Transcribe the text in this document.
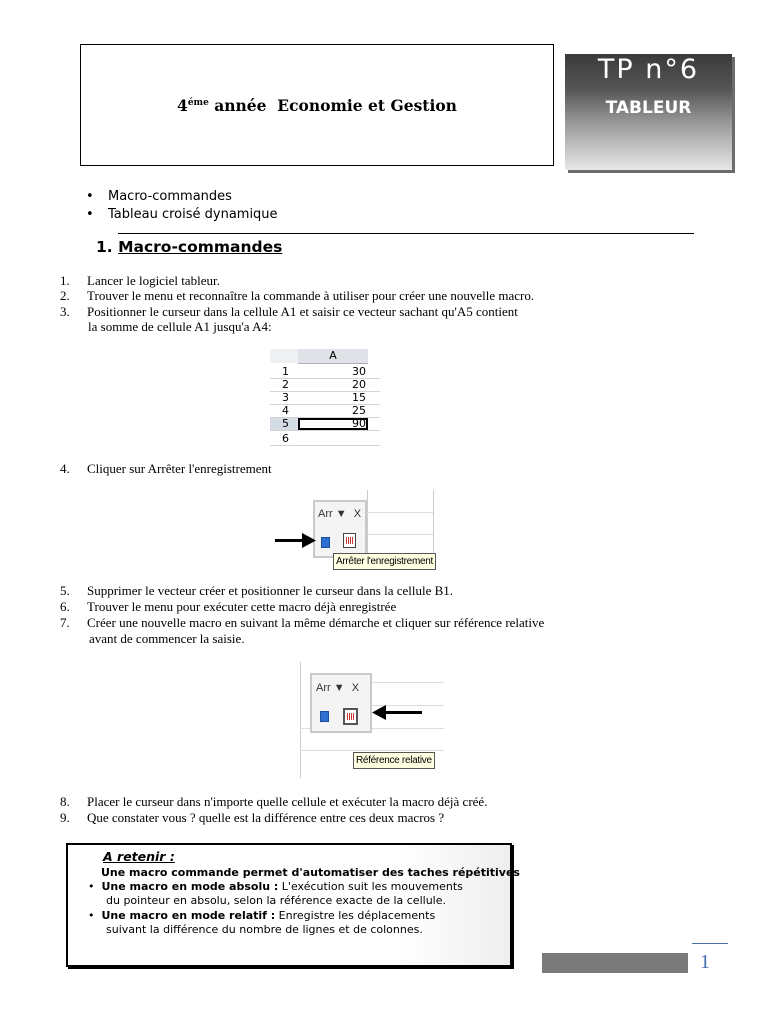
$4^{éme}$ année  Economie et Gestion
TP n°6
TABLEUR
• Macro-commandes
• Tableau croisé dynamique
1. Macro-commandes
1. Lancer le logiciel tableur.
2. Trouver le menu et reconnaître la commande à utiliser pour créer une nouvelle macro.
3. Positionner le curseur dans la cellule A1 et saisir ce vecteur sachant qu'A5 contient
la somme de cellule A1 jusqu'a A4:
A
1	30
2	20
3	15
4	25
5	90
6
4. Cliquer sur Arrêter l'enregistrement
Arr ▼ X
Arrêter l'enregistrement
5. Supprimer le vecteur créer et positionner le curseur dans la cellule B1.
6. Trouver le menu pour exécuter cette macro déjà enregistrée
7. Créer une nouvelle macro en suivant la même démarche et cliquer sur référence relative
avant de commencer la saisie.
Arr ▼ X
Référence relative
8. Placer le curseur dans n'importe quelle cellule et exécuter la macro déjà créé.
9. Que constater vous ? quelle est la différence entre ces deux macros ?
A retenir :
Une macro commande permet d'automatiser des taches répétitives
•  Une macro en mode absolu : L'exécution suit les mouvements
du pointeur en absolu, selon la référence exacte de la cellule.
•  Une macro en mode relatif : Enregistre les déplacements
suivant la différence du nombre de lignes et de colonnes.
1
